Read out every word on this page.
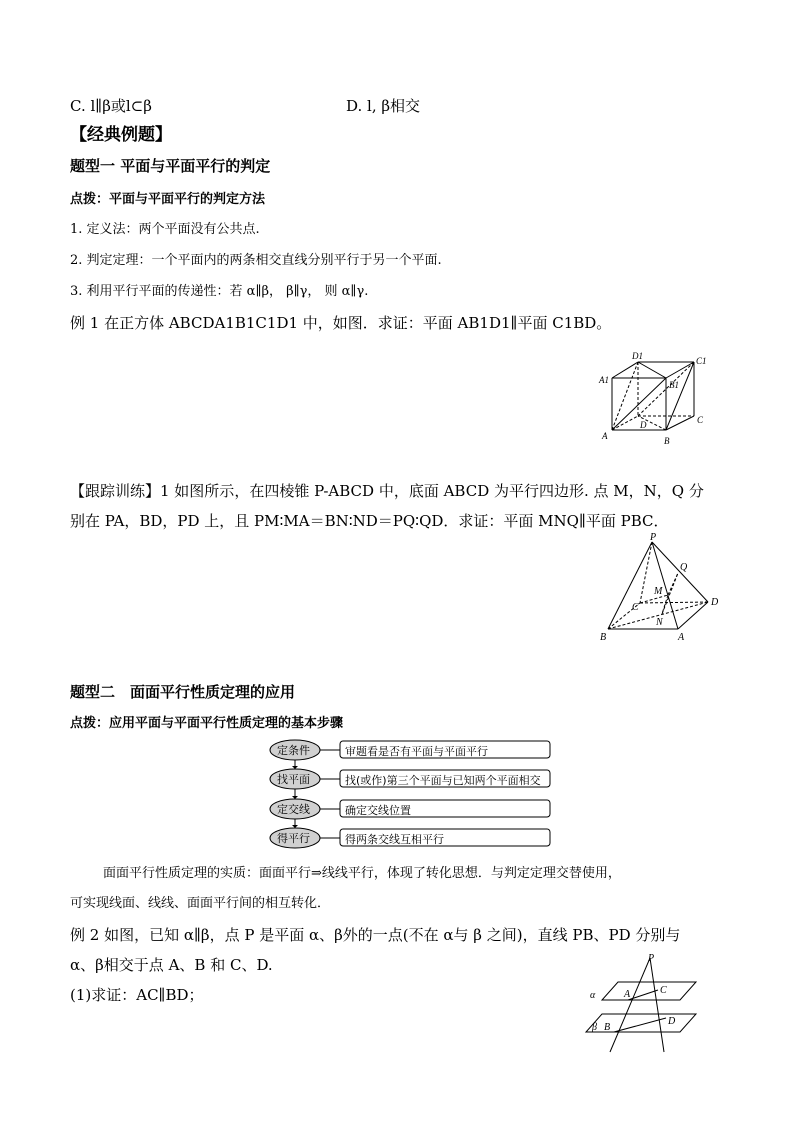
C. l∥β或l⊂β	D. l, β相交
【经典例题】
题型一 平面与平面平行的判定
点拨：平面与平面平行的判定方法
1. 定义法：两个平面没有公共点.
2. 判定定理：一个平面内的两条相交直线分别平行于另一个平面.
3. 利用平行平面的传递性：若 α∥β， β∥γ， 则 α∥γ.
例 1 在正方体 ABCDA1B1C1D1 中，如图．求证：平面 AB1D1∥平面 C1BD。
A1
D1	C1
B1
A
D
B
C
【跟踪训练】1 如图所示，在四棱锥 P-ABCD 中，底面 ABCD 为平行四边形. 点 M，N，Q 分
别在 PA，BD，PD 上，且 PM∶MA＝BN∶ND＝PQ∶QD．求证：平面 MNQ∥平面 PBC．
P
Q
M
C	D
N
B	A
题型二　面面平行性质定理的应用
点拨：应用平面与平面平行性质定理的基本步骤
定条件	审题看是否有平面与平面平行
找平面	找(或作)第三个平面与已知两个平面相交
定交线	确定交线位置
得平行	得两条交线互相平行
面面平行性质定理的实质：面面平行⇒线线平行，体现了转化思想．与判定定理交替使用，
可实现线面、线线、面面平行间的相互转化．
例 2 如图，已知 α∥β，点 P 是平面 α、β外的一点(不在 α与 β 之间)，直线 PB、PD 分别与
α、β相交于点 A、B 和 C、D.
(1)求证：AC∥BD；
P
α	A	C
β B
D
